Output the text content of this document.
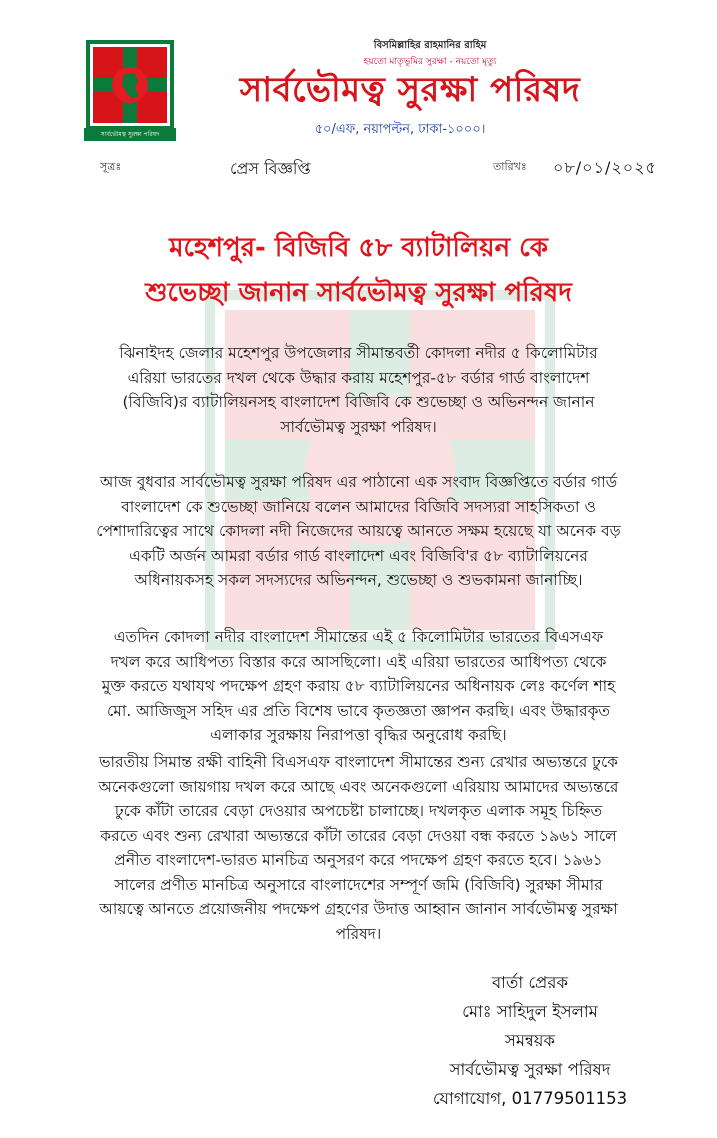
সার্বভৌমত্ব সুরক্ষা পরিষদ
বিসমিল্লাহির রাহমানির রাহিম
হয়তো মাতৃভূমির সুরক্ষা - নয়তো মৃত্যু
সার্বভৌমত্ব সুরক্ষা পরিষদ
৫০/এফ, নয়াপল্টন, ঢাকা-১০০০।
সূত্রঃ	প্রেস বিজ্ঞপ্তি	তারিখঃ ০৮/০১/২০২৫
মহেশপুর- বিজিবি ৫৮ ব্যাটালিয়ন কে
শুভেচ্ছা জানান সার্বভৌমত্ব সুরক্ষা পরিষদ
ঝিনাইদহ জেলার মহেশপুর উপজেলার সীমান্তবর্তী কোদলা নদীর ৫ কিলোমিটার
এরিয়া ভারতের দখল থেকে উদ্ধার করায় মহেশপুর-৫৮ বর্ডার গার্ড বাংলাদেশ
(বিজিবি)র ব্যাটালিয়নসহ বাংলাদেশ বিজিবি কে শুভেচ্ছা ও অভিনন্দন জানান
সার্বভৌমত্ব সুরক্ষা পরিষদ।
আজ বুধবার সার্বভৌমত্ব সুরক্ষা পরিষদ এর পাঠানো এক সংবাদ বিজ্ঞপ্তিতে বর্ডার গার্ড
বাংলাদেশ কে শুভেচ্ছা জানিয়ে বলেন আমাদের বিজিবি সদস্যরা সাহসিকতা ও
পেশাদারিত্বের সাথে কোদলা নদী নিজেদের আয়ত্বে আনতে সক্ষম হয়েছে যা অনেক বড়
একটি অর্জন আমরা বর্ডার গার্ড বাংলাদেশ এবং বিজিবি'র ৫৮ ব্যাটালিয়নের
অধিনায়কসহ সকল সদস্যদের অভিনন্দন, শুভেচ্ছা ও শুভকামনা জানাচ্ছি।
এতদিন কোদলা নদীর বাংলাদেশ সীমান্তের এই ৫ কিলোমিটার ভারতের বিএসএফ
দখল করে আধিপত্য বিস্তার করে আসছিলো। এই এরিয়া ভারতের আধিপত্য থেকে
মুক্ত করতে যথাযথ পদক্ষেপ গ্রহণ করায় ৫৮ ব্যাটালিয়নের অধিনায়ক লেঃ কর্ণেল শাহ
মো. আজিজুস সহিদ এর প্রতি বিশেষ ভাবে কৃতজ্ঞতা জ্ঞাপন করছি। এবং উদ্ধারকৃত
এলাকার সুরক্ষায় নিরাপত্তা বৃদ্ধির অনুরোধ করছি।
ভারতীয় সিমান্ত রক্ষী বাহিনী বিএসএফ বাংলাদেশ সীমান্তের শুন্য রেখার অভ্যন্তরে ঢুকে
অনেকগুলো জায়গায় দখল করে আছে এবং অনেকগুলো এরিয়ায় আমাদের অভ্যন্তরে
ঢুকে কাঁটা তারের বেড়া দেওয়ার অপচেষ্টা চালাচ্ছে। দখলকৃত এলাক সমূহ চিহ্নিত
করতে এবং শুন্য রেখারা অভ্যন্তরে কাঁটা তারের বেড়া দেওয়া বন্ধ করতে ১৯৬১ সালে
প্রনীত বাংলাদেশ-ভারত মানচিত্র অনুসরণ করে পদক্ষেপ গ্রহণ করতে হবে। ১৯৬১
সালের প্রণীত মানচিত্র অনুসারে বাংলাদেশের সম্পূর্ণ জমি (বিজিবি) সুরক্ষা সীমার
আয়ত্বে আনতে প্রয়োজনীয় পদক্ষেপ গ্রহণের উদাত্ত আহ্বান জানান সার্বভৌমত্ব সুরক্ষা
পরিষদ।
বার্তা প্রেরক
মোঃ সাহিদুল ইসলাম
সমন্বয়ক
সার্বভৌমত্ব সুরক্ষা পরিষদ
যোগাযোগ, 01779501153
